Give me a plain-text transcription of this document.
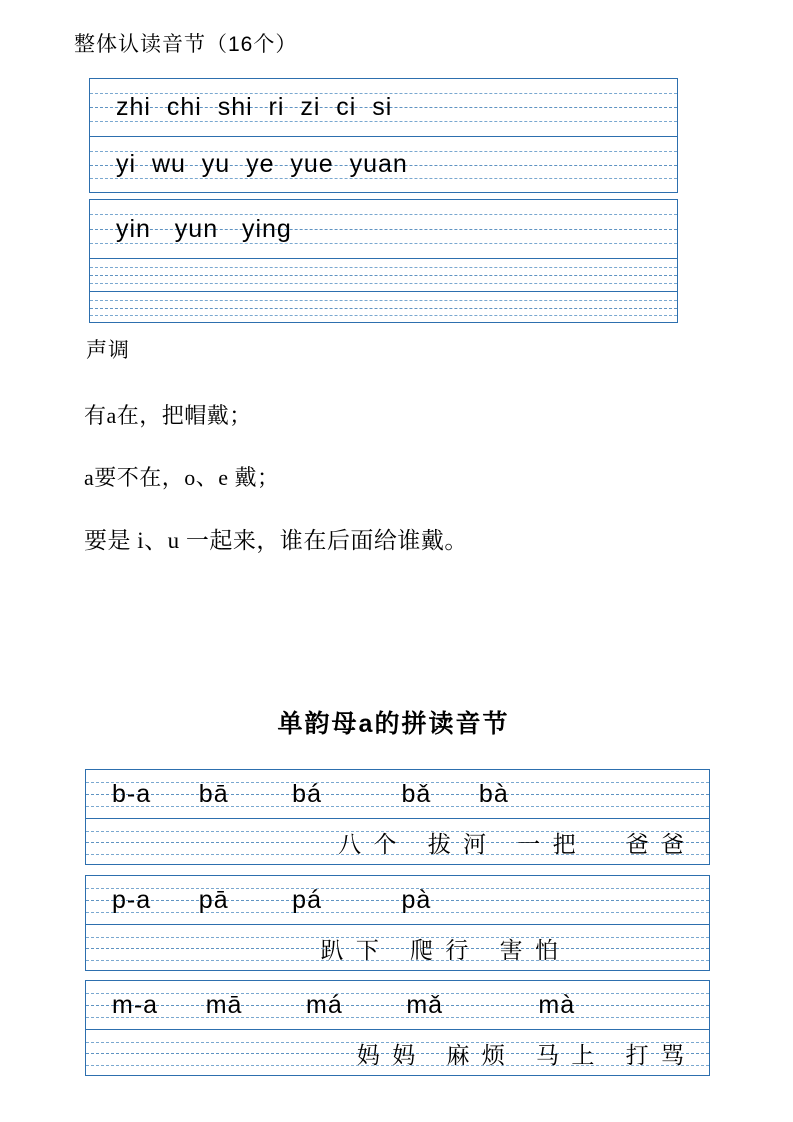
整体认读音节（16个）
zhi  chi  shi  ri  zi  ci  si
yi  wu  yu  ye  yue  yuan
yin   yun   ying
声调
有a在，把帽戴；
a要不在，o、e 戴；
要是 i、u 一起来，谁在后面给谁戴。
单韵母a的拼读音节
b-a      bā        bá          bǎ      bà
八 个   拔 河   一 把     爸 爸
p-a      pā        pá          pà
趴 下   爬 行   害 怕
m-a      mā        má        mǎ            mà
妈 妈   麻 烦   马 上   打 骂
